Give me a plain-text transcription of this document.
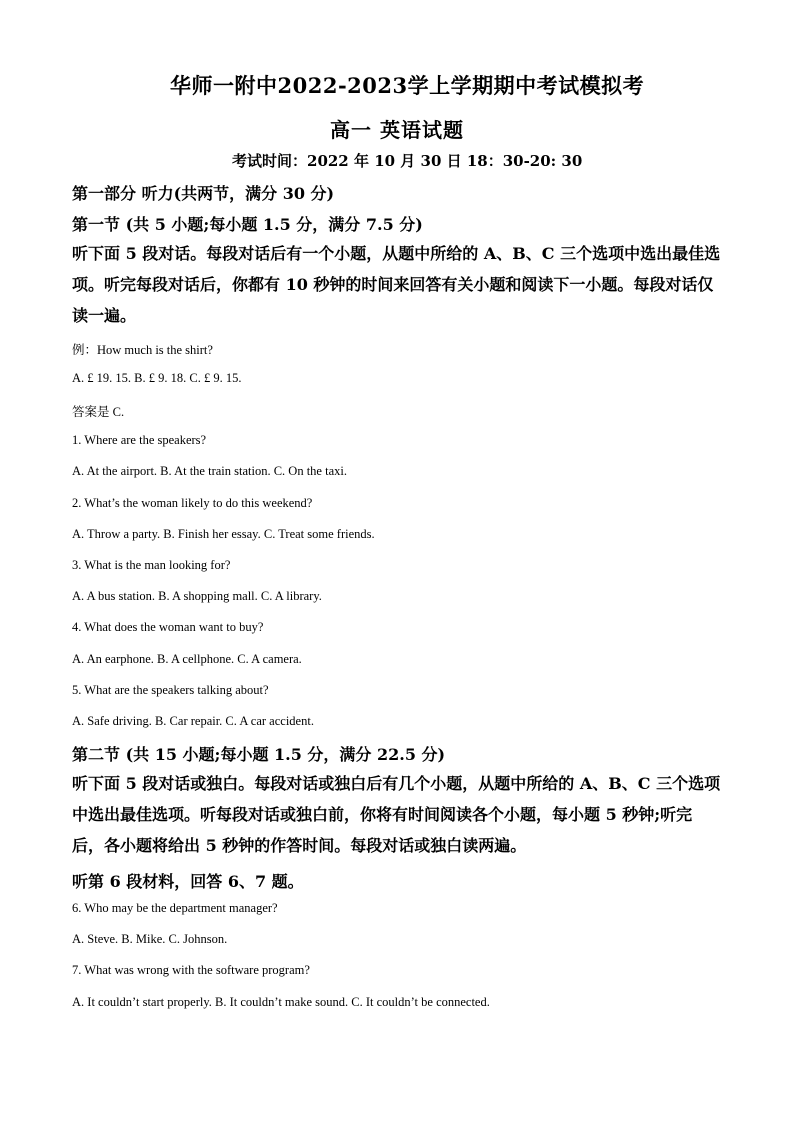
华师一附中2022-2023学上学期期中考试模拟考
高一 英语试题
考试时间：2022 年 10 月 30 日 18：30-20: 30
第一部分 听力(共两节，满分 30 分)
第一节 (共 5 小题;每小题 1.5 分，满分 7.5 分)
听下面 5 段对话。每段对话后有一个小题，从题中所给的 A、B、C 三个选项中选出最佳选项。听完每段对话后，你都有 10 秒钟的时间来回答有关小题和阅读下一小题。每段对话仅读一遍。
例：How much is the shirt?
A. £ 19. 15. B. £ 9. 18. C. £ 9. 15.
答案是 C.
1. Where are the speakers?
A. At the airport. B. At the train station. C. On the taxi.
2. What’s the woman likely to do this weekend?
A. Throw a party. B. Finish her essay. C. Treat some friends.
3. What is the man looking for?
A. A bus station. B. A shopping mall. C. A library.
4. What does the woman want to buy?
A. An earphone. B. A cellphone. C. A camera.
5. What are the speakers talking about?
A. Safe driving. B. Car repair. C. A car accident.
第二节 (共 15 小题;每小题 1.5 分，满分 22.5 分)
听下面 5 段对话或独白。每段对话或独白后有几个小题，从题中所给的 A、B、C 三个选项中选出最佳选项。听每段对话或独白前，你将有时间阅读各个小题，每小题 5 秒钟;听完后，各小题将给出 5 秒钟的作答时间。每段对话或独白读两遍。
听第 6 段材料，回答 6、7 题。
6. Who may be the department manager?
A. Steve. B. Mike. C. Johnson.
7. What was wrong with the software program?
A. It couldn’t start properly. B. It couldn’t make sound. C. It couldn’t be connected.
